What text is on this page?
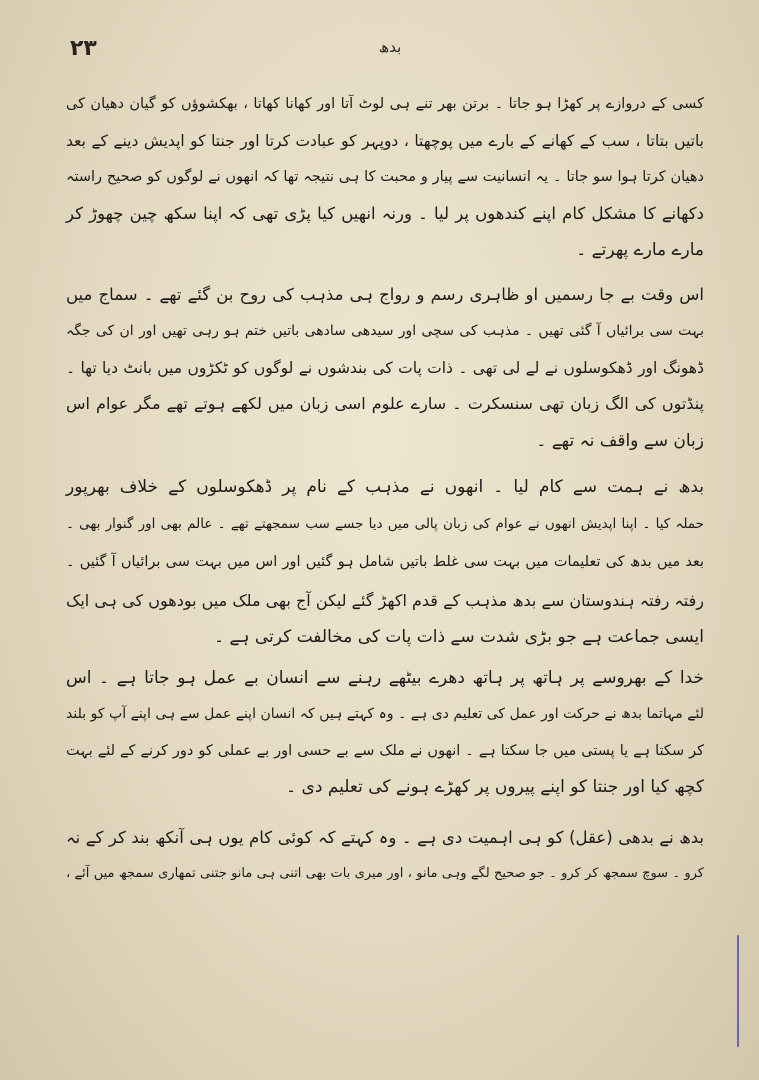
۲۳	بدھ
کسی کے دروازے پر کھڑا ہو جاتا ۔ برتن بھر تنے ہی لوٹ آتا اور کھانا کھاتا ، بھکشوؤں کو گیان دھیان کی
باتیں بتاتا ، سب کے کھانے کے بارے میں پوچھتا ، دوپہر کو عبادت کرتا اور جنتا کو اپدیش دینے کے بعد
دھیان کرتا ہوا سو جاتا ۔ یہ انسانیت سے پیار و محبت کا ہی نتیجہ تھا کہ انھوں نے لوگوں کو صحیح راستہ
دکھانے کا مشکل کام اپنے کندھوں پر لیا ۔ ورنہ انھیں کیا پڑی تھی کہ اپنا سکھ چین چھوڑ کر
مارے مارے پھرتے ۔
اس وقت بے جا رسمیں او ظاہری رسم و رواج ہی مذہب کی روح بن گئے تھے ۔ سماج میں
بہت سی برائیاں آ گئی تھیں ۔ مذہب کی سچی اور سیدھی سادھی باتیں ختم ہو رہی تھیں اور ان کی جگہ
ڈھونگ اور ڈھکوسلوں نے لے لی تھی ۔ ذات پات کی بندشوں نے لوگوں کو ٹکڑوں میں بانٹ دیا تھا ۔
پنڈتوں کی الگ زبان تھی سنسکرت ۔ سارے علوم اسی زبان میں لکھے ہوتے تھے مگر عوام اس
زبان سے واقف نہ تھے ۔
بدھ نے ہمت سے کام لیا ۔ انھوں نے مذہب کے نام پر ڈھکوسلوں کے خلاف بھرپور
حملہ کیا ۔ اپنا اپدیش انھوں نے عوام کی زبان پالی میں دیا جسے سب سمجھتے تھے ۔ عالم بھی اور گنوار بھی ۔
بعد میں بدھ کی تعلیمات میں بہت سی غلط باتیں شامل ہو گئیں اور اس میں بہت سی برائیاں آ گئیں ۔
رفتہ رفتہ ہندوستان سے بدھ مذہب کے قدم اکھڑ گئے لیکن آج بھی ملک میں بودھوں کی ہی ایک
ایسی جماعت ہے جو بڑی شدت سے ذات پات کی مخالفت کرتی ہے ۔
خدا کے بھروسے پر ہاتھ پر ہاتھ دھرے بیٹھے رہنے سے انسان بے عمل ہو جاتا ہے ۔ اس
لئے مہاتما بدھ نے حرکت اور عمل کی تعلیم دی ہے ۔ وہ کہتے ہیں کہ انسان اپنے عمل سے ہی اپنے آپ کو بلند
کر سکتا ہے یا پستی میں جا سکتا ہے ۔ انھوں نے ملک سے بے حسی اور بے عملی کو دور کرنے کے لئے بہت
کچھ کیا اور جنتا کو اپنے پیروں پر کھڑے ہونے کی تعلیم دی ۔
بدھ نے بدھی (عقل) کو ہی اہمیت دی ہے ۔ وہ کہتے کہ کوئی کام یوں ہی آنکھ بند کر کے نہ
کرو ۔ سوچ سمجھ کر کرو ۔ جو صحیح لگے وہی مانو ، اور میری بات بھی اتنی ہی مانو جتنی تمھاری سمجھ میں آئے ،
